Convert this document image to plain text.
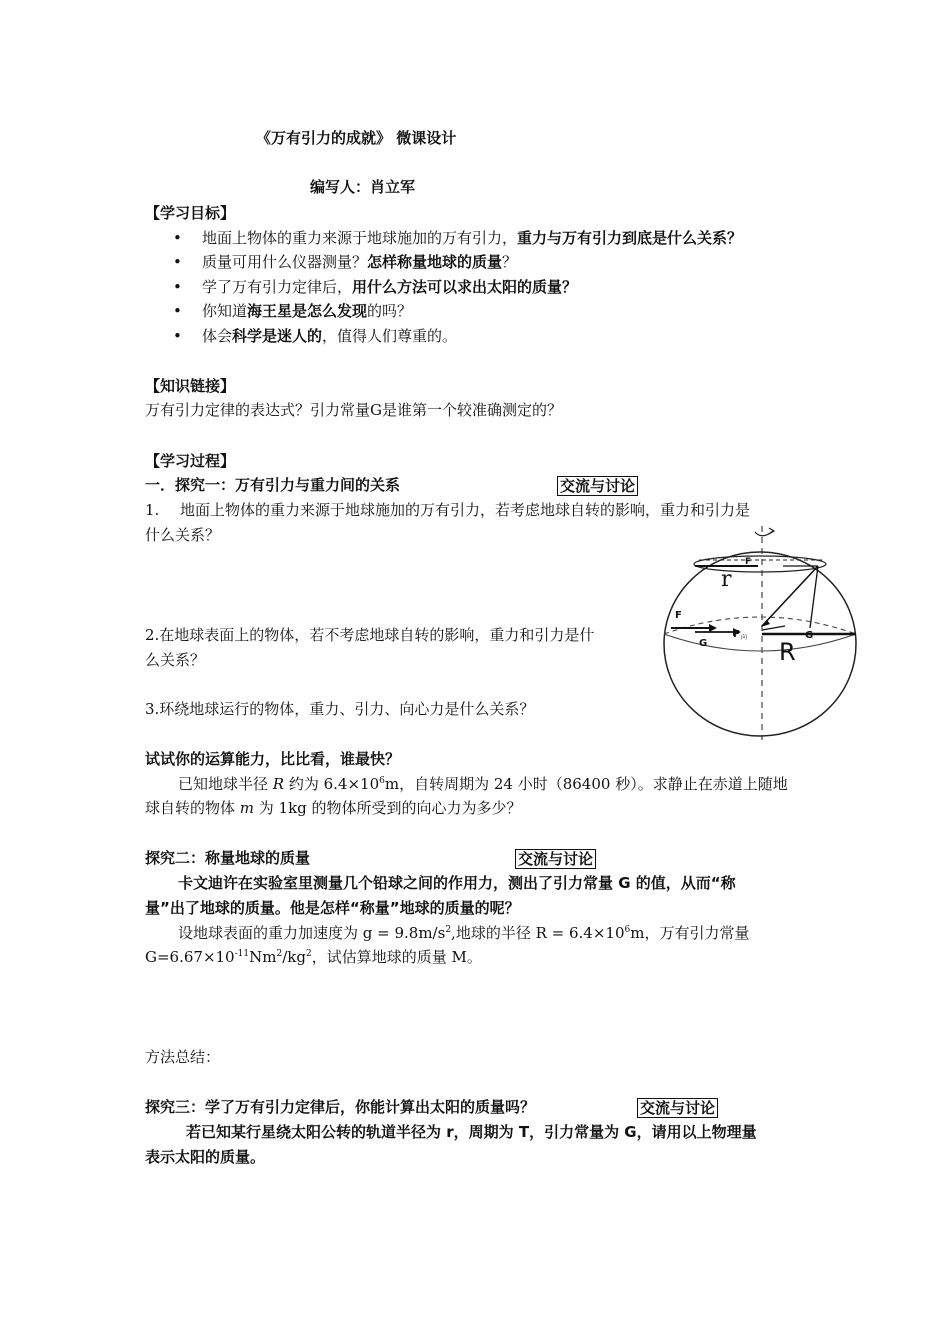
《万有引力的成就》 微课设计
编写人：肖立军
【学习目标】
• 地面上物体的重力来源于地球施加的万有引力，重力与万有引力到底是什么关系？
• 质量可用什么仪器测量？怎样称量地球的质量？
• 学了万有引力定律后，用什么方法可以求出太阳的质量？
• 你知道海王星是怎么发现的吗？
• 体会科学是迷人的，值得人们尊重的。
【知识链接】
万有引力定律的表达式？引力常量G是谁第一个较准确测定的？
【学习过程】
一．探究一：万有引力与重力间的关系	交流与讨论
1. 地面上物体的重力来源于地球施加的万有引力，若考虑地球自转的影响，重力和引力是
什么关系？
2.在地球表面上的物体，若不考虑地球自转的影响，重力和引力是什
么关系？
3.环绕地球运行的物体，重力、引力、向心力是什么关系？
r
R
F
G
F 向	G
F
试试你的运算能力，比比看，谁最快？
已知地球半径 R 约为 $6.4\times 10^6m$，自转周期为 24 小时（86400 秒）。求静止在赤道上随地
球自转的物体 m 为 1kg 的物体所受到的向心力为多少？
探究二：称量地球的质量	交流与讨论
卡文迪许在实验室里测量几个铅球之间的作用力，测出了引力常量 G 的值，从而“称
量”出了地球的质量。他是怎样“称量”地球的质量的呢？
设地球表面的重力加速度为 $g = 9.8m/s^2$,地球的半径 $R = 6.4\times 10^6m$，万有引力常量
$G=6.67\times 10^{-11}Nm^2/kg^2$，试估算地球的质量 M。
方法总结：
探究三：学了万有引力定律后，你能计算出太阳的质量吗？	交流与讨论
若已知某行星绕太阳公转的轨道半径为 r，周期为 T，引力常量为 G，请用以上物理量
表示太阳的质量。
